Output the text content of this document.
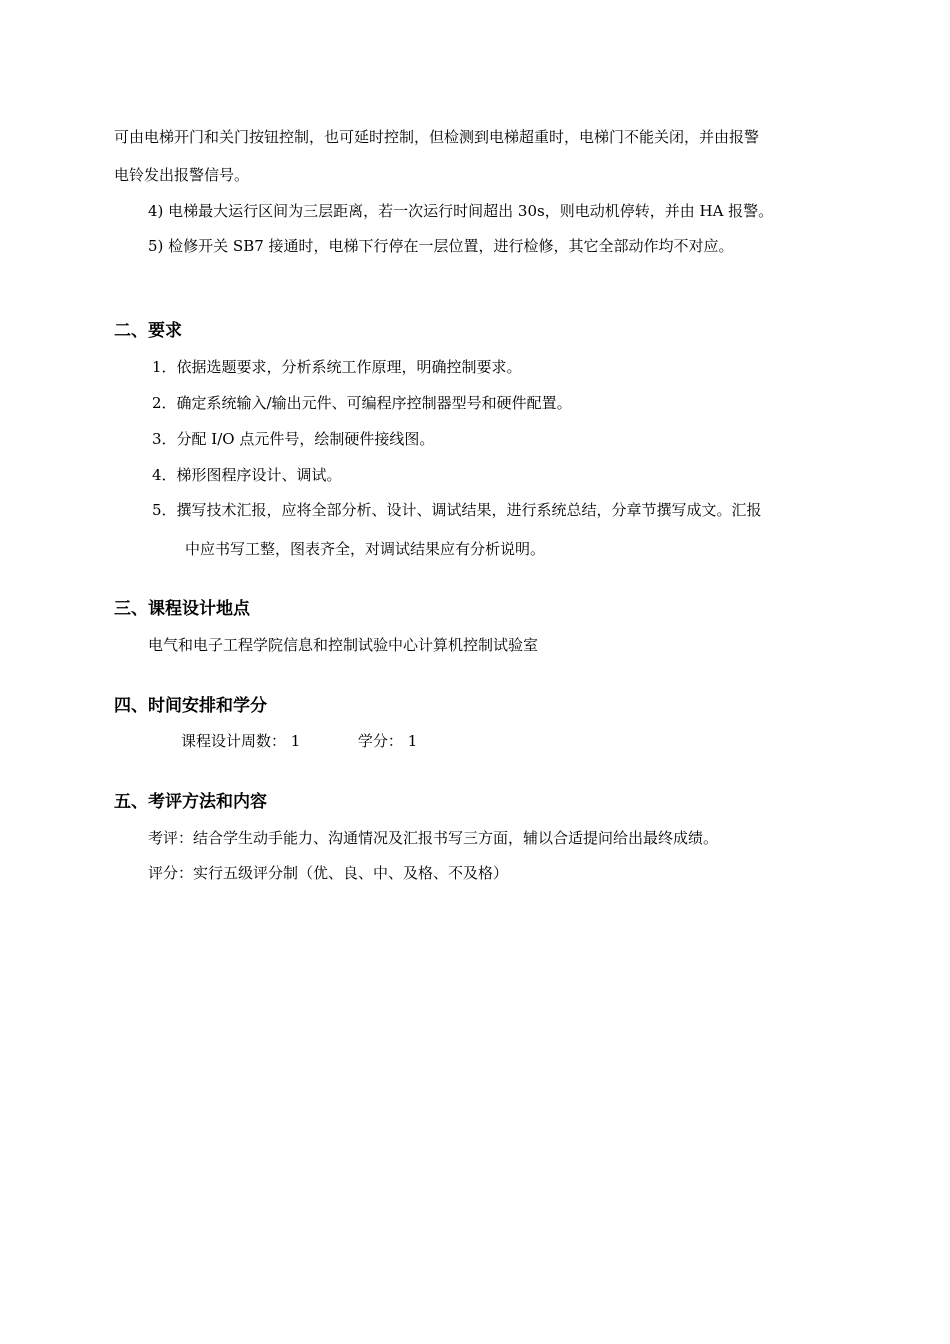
可由电梯开门和关门按钮控制，也可延时控制，但检测到电梯超重时，电梯门不能关闭，并由报警

电铃发出报警信号。

4) 电梯最大运行区间为三层距离，若一次运行时间超出 30s，则电动机停转，并由 HA 报警。

5) 检修开关 SB7 接通时，电梯下行停在一层位置，进行检修，其它全部动作均不对应。

二、要求

1．依据选题要求，分析系统工作原理，明确控制要求。

2．确定系统输入/输出元件、可编程序控制器型号和硬件配置。

3．分配 I/O 点元件号，绘制硬件接线图。

4．梯形图程序设计、调试。

5．撰写技术汇报，应将全部分析、设计、调试结果，进行系统总结，分章节撰写成文。汇报

中应书写工整，图表齐全，对调试结果应有分析说明。

三、课程设计地点

电气和电子工程学院信息和控制试验中心计算机控制试验室

四、时间安排和学分

课程设计周数： 1	学分： 1

五、考评方法和内容

考评：结合学生动手能力、沟通情况及汇报书写三方面，辅以合适提问给出最终成绩。

评分：实行五级评分制（优、良、中、及格、不及格）
